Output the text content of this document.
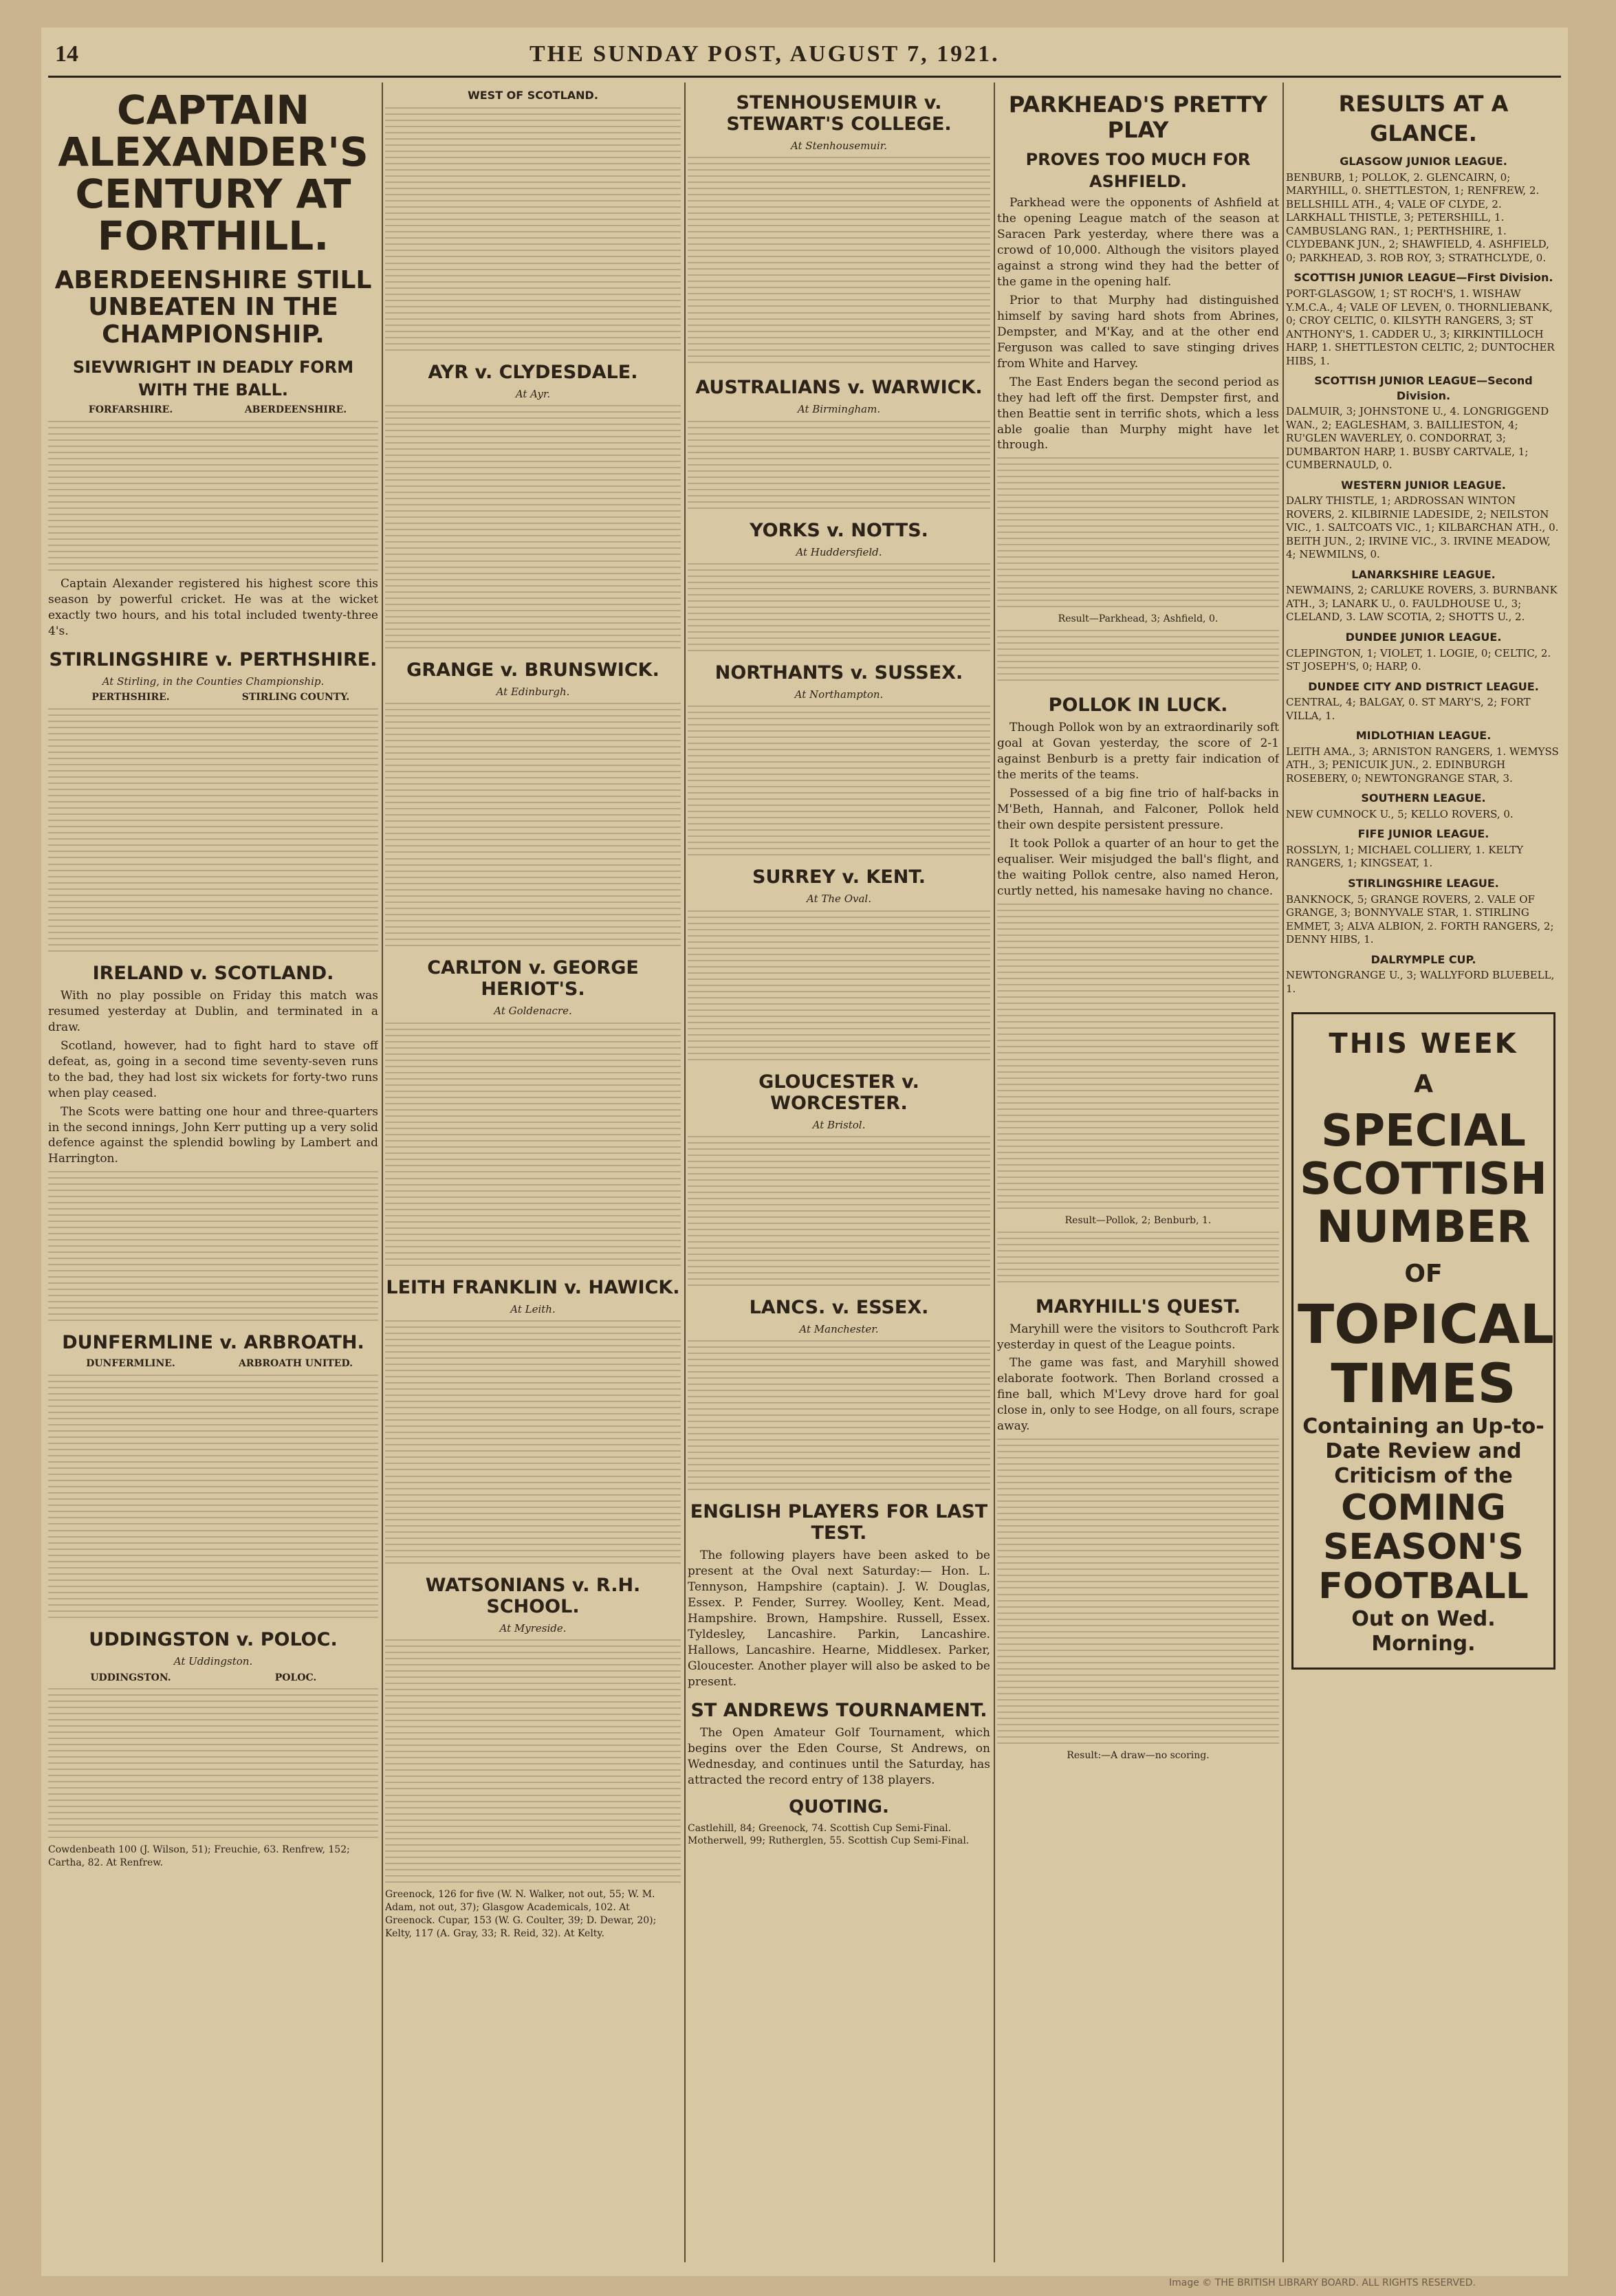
14	THE SUNDAY POST, AUGUST 7, 1921.
CAPTAIN ALEXANDER'S CENTURY AT FORTHILL.
ABERDEENSHIRE STILL UNBEATEN IN THE CHAMPIONSHIP.
SIEVWRIGHT IN DEADLY FORM WITH THE BALL.
FORFARSHIRE.	ABERDEENSHIRE.

Captain Alexander registered his highest score this season by powerful cricket. He was at the wicket exactly two hours, and his total included twenty-three 4's.

STIRLINGSHIRE v. PERTHSHIRE.
At Stirling, in the Counties Championship.
PERTHSHIRE.	STIRLING COUNTY.
IRELAND v. SCOTLAND.

With no play possible on Friday this match was resumed yesterday at Dublin, and terminated in a draw.

Scotland, however, had to fight hard to stave off defeat, as, going in a second time seventy-seven runs to the bad, they had lost six wickets for forty-two runs when play ceased.

The Scots were batting one hour and three-quarters in the second innings, John Kerr putting up a very solid defence against the splendid bowling by Lambert and Harrington.

DUNFERMLINE v. ARBROATH.
DUNFERMLINE.	ARBROATH UNITED.
UDDINGSTON v. POLOC.
At Uddingston.
UDDINGSTON.	POLOC.
Cowdenbeath 100 (J. Wilson, 51); Freuchie, 63. Renfrew, 152; Cartha, 82. At Renfrew.
WEST OF SCOTLAND.
AYR v. CLYDESDALE.
At Ayr.
GRANGE v. BRUNSWICK.
At Edinburgh.
CARLTON v. GEORGE HERIOT'S.
At Goldenacre.
LEITH FRANKLIN v. HAWICK.
At Leith.
WATSONIANS v. R.H. SCHOOL.
At Myreside.
Greenock, 126 for five (W. N. Walker, not out, 55; W. M. Adam, not out, 37); Glasgow Academicals, 102. At Greenock. Cupar, 153 (W. G. Coulter, 39; D. Dewar, 20); Kelty, 117 (A. Gray, 33; R. Reid, 32). At Kelty.
STENHOUSEMUIR v. STEWART'S COLLEGE.
At Stenhousemuir.
AUSTRALIANS v. WARWICK.
At Birmingham.
YORKS v. NOTTS.
At Huddersfield.
NORTHANTS v. SUSSEX.
At Northampton.
SURREY v. KENT.
At The Oval.
GLOUCESTER v. WORCESTER.
At Bristol.
LANCS. v. ESSEX.
At Manchester.
ENGLISH PLAYERS FOR LAST TEST.

The following players have been asked to be present at the Oval next Saturday:— Hon. L. Tennyson, Hampshire (captain). J. W. Douglas, Essex. P. Fender, Surrey. Woolley, Kent. Mead, Hampshire. Brown, Hampshire. Russell, Essex. Tyldesley, Lancashire. Parkin, Lancashire. Hallows, Lancashire. Hearne, Middlesex. Parker, Gloucester. Another player will also be asked to be present.

ST ANDREWS TOURNAMENT.

The Open Amateur Golf Tournament, which begins over the Eden Course, St Andrews, on Wednesday, and continues until the Saturday, has attracted the record entry of 138 players.

QUOTING.
Castlehill, 84; Greenock, 74. Scottish Cup Semi-Final. Motherwell, 99; Rutherglen, 55. Scottish Cup Semi-Final.
PARKHEAD'S PRETTY PLAY
PROVES TOO MUCH FOR ASHFIELD.

Parkhead were the opponents of Ashfield at the opening League match of the season at Saracen Park yesterday, where there was a crowd of 10,000. Although the visitors played against a strong wind they had the better of the game in the opening half.

Prior to that Murphy had distinguished himself by saving hard shots from Abrines, Dempster, and M'Kay, and at the other end Ferguson was called to save stinging drives from White and Harvey.

The East Enders began the second period as they had left off the first. Dempster first, and then Beattie sent in terrific shots, which a less able goalie than Murphy might have let through.

Result—Parkhead, 3; Ashfield, 0.
POLLOK IN LUCK.

Though Pollok won by an extraordinarily soft goal at Govan yesterday, the score of 2-1 against Benburb is a pretty fair indication of the merits of the teams.

Possessed of a big fine trio of half-backs in M'Beth, Hannah, and Falconer, Pollok held their own despite persistent pressure.

It took Pollok a quarter of an hour to get the equaliser. Weir misjudged the ball's flight, and the waiting Pollok centre, also named Heron, curtly netted, his namesake having no chance.

Result—Pollok, 2; Benburb, 1.
MARYHILL'S QUEST.

Maryhill were the visitors to Southcroft Park yesterday in quest of the League points.

The game was fast, and Maryhill showed elaborate footwork. Then Borland crossed a fine ball, which M'Levy drove hard for goal close in, only to see Hodge, on all fours, scrape away.

Result:—A draw—no scoring.
RESULTS AT A GLANCE.
GLASGOW JUNIOR LEAGUE.
BENBURB, 1; POLLOK, 2. GLENCAIRN, 0; MARYHILL, 0. SHETTLESTON, 1; RENFREW, 2. BELLSHILL ATH., 4; VALE OF CLYDE, 2. LARKHALL THISTLE, 3; PETERSHILL, 1. CAMBUSLANG RAN., 1; PERTHSHIRE, 1. CLYDEBANK JUN., 2; SHAWFIELD, 4. ASHFIELD, 0; PARKHEAD, 3. ROB ROY, 3; STRATHCLYDE, 0.
SCOTTISH JUNIOR LEAGUE—First Division.
PORT-GLASGOW, 1; ST ROCH'S, 1. WISHAW Y.M.C.A., 4; VALE OF LEVEN, 0. THORNLIEBANK, 0; CROY CELTIC, 0. KILSYTH RANGERS, 3; ST ANTHONY'S, 1. CADDER U., 3; KIRKINTILLOCH HARP, 1. SHETTLESTON CELTIC, 2; DUNTOCHER HIBS, 1.
SCOTTISH JUNIOR LEAGUE—Second Division.
DALMUIR, 3; JOHNSTONE U., 4. LONGRIGGEND WAN., 2; EAGLESHAM, 3. BAILLIESTON, 4; RU'GLEN WAVERLEY, 0. CONDORRAT, 3; DUMBARTON HARP, 1. BUSBY CARTVALE, 1; CUMBERNAULD, 0.
WESTERN JUNIOR LEAGUE.
DALRY THISTLE, 1; ARDROSSAN WINTON ROVERS, 2. KILBIRNIE LADESIDE, 2; NEILSTON VIC., 1. SALTCOATS VIC., 1; KILBARCHAN ATH., 0. BEITH JUN., 2; IRVINE VIC., 3. IRVINE MEADOW, 4; NEWMILNS, 0.
LANARKSHIRE LEAGUE.
NEWMAINS, 2; CARLUKE ROVERS, 3. BURNBANK ATH., 3; LANARK U., 0. FAULDHOUSE U., 3; CLELAND, 3. LAW SCOTIA, 2; SHOTTS U., 2.
DUNDEE JUNIOR LEAGUE.
CLEPINGTON, 1; VIOLET, 1. LOGIE, 0; CELTIC, 2. ST JOSEPH'S, 0; HARP, 0.
DUNDEE CITY AND DISTRICT LEAGUE.
CENTRAL, 4; BALGAY, 0. ST MARY'S, 2; FORT VILLA, 1.
MIDLOTHIAN LEAGUE.
LEITH AMA., 3; ARNISTON RANGERS, 1. WEMYSS ATH., 3; PENICUIK JUN., 2. EDINBURGH ROSEBERY, 0; NEWTONGRANGE STAR, 3.
SOUTHERN LEAGUE.
NEW CUMNOCK U., 5; KELLO ROVERS, 0.
FIFE JUNIOR LEAGUE.
ROSSLYN, 1; MICHAEL COLLIERY, 1. KELTY RANGERS, 1; KINGSEAT, 1.
STIRLINGSHIRE LEAGUE.
BANKNOCK, 5; GRANGE ROVERS, 2. VALE OF GRANGE, 3; BONNYVALE STAR, 1. STIRLING EMMET, 3; ALVA ALBION, 2. FORTH RANGERS, 2; DENNY HIBS, 1.
DALRYMPLE CUP.
NEWTONGRANGE U., 3; WALLYFORD BLUEBELL, 1.
THIS WEEK
A
SPECIAL
SCOTTISH
NUMBER
OF
TOPICAL
TIMES
Containing an Up-to-Date Review and Criticism of the
COMING SEASON'S FOOTBALL
Out on Wed. Morning.
Image © THE BRITISH LIBRARY BOARD. ALL RIGHTS RESERVED.
